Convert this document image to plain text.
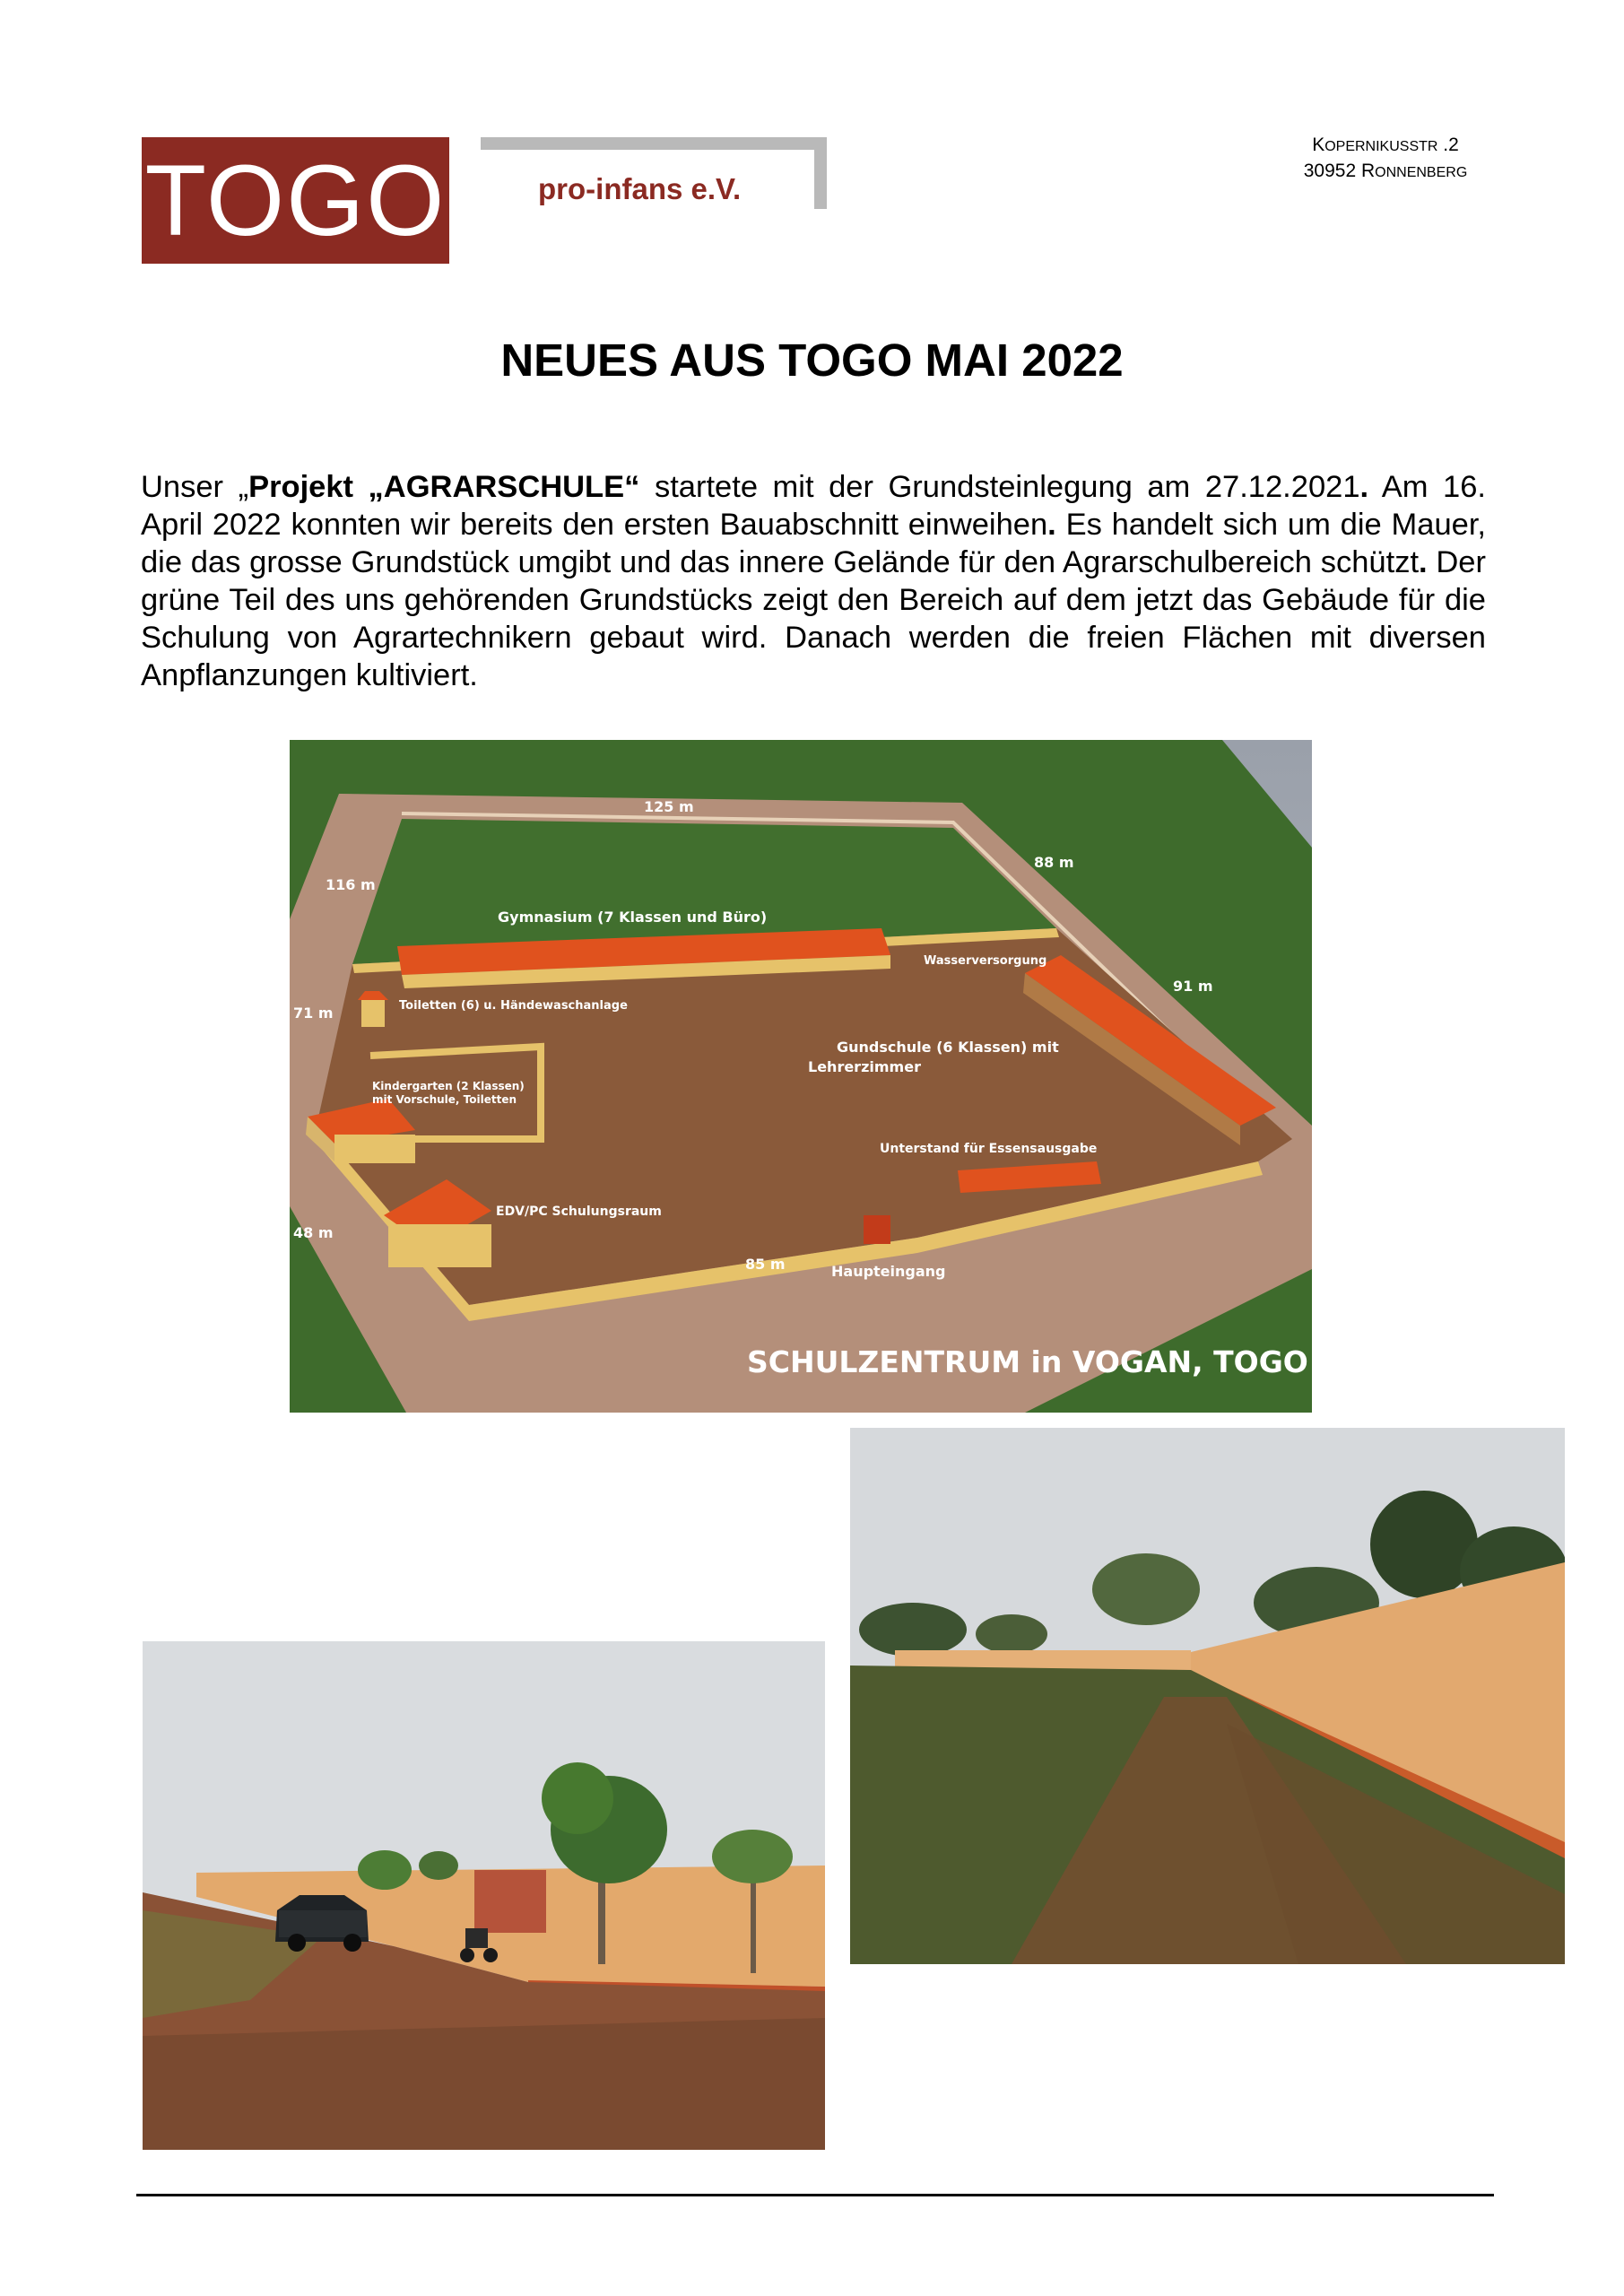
TOGO	pro-infans e.V.
KOPERNIKUSSTR .2
30952 RONNENBERG
NEUES AUS TOGO MAI 2022

Unser „Projekt „AGRARSCHULE“ startete mit der Grundsteinlegung am 27.12.2021. Am 16. April 2022 konnten wir bereits den ersten Bauabschnitt einweihen. Es handelt sich um die Mauer, die das grosse Grundstück umgibt und das innere Gelände für den Agrarschulbereich schützt. Der grüne Teil des uns gehörenden Grundstücks zeigt den Bereich auf dem jetzt das Gebäude für die Schulung von Agrartechnikern gebaut wird. Danach werden die freien Flächen mit diversen Anpflanzungen kultiviert.

125 m
116 m
88 m
91 m
71 m
48 m
85 m
Gymnasium (7 Klassen und Büro)
Wasserversorgung
Toiletten (6) u. Händewaschanlage
Gundschule (6 Klassen) mit
Lehrerzimmer
Kindergarten (2 Klassen)
mit Vorschule, Toiletten
Unterstand für Essensausgabe
EDV/PC Schulungsraum
Haupteingang
SCHULZENTRUM in VOGAN, TOGO
